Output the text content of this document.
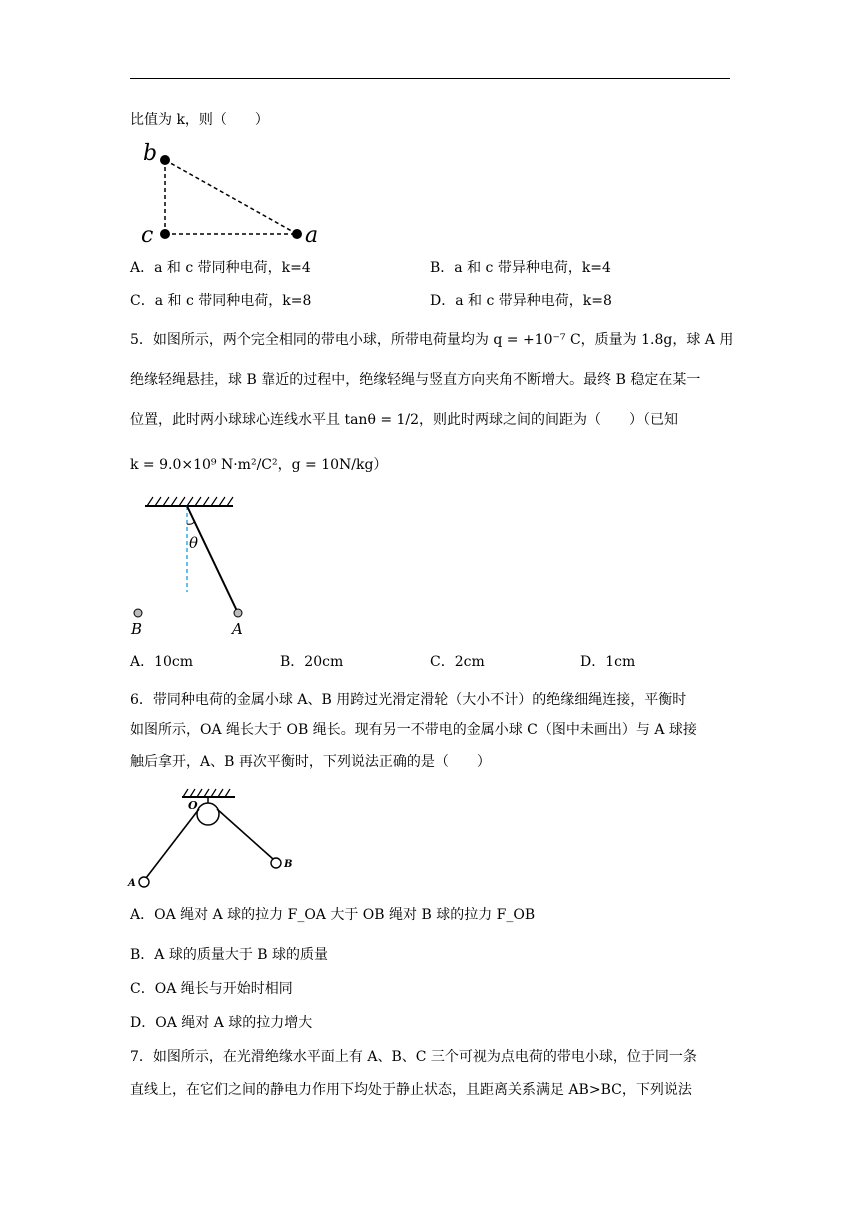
比值为 k，则（　　）
b
c	a
A．a 和 c 带同种电荷，k=4	B．a 和 c 带异种电荷，k=4
C．a 和 c 带同种电荷，k=8	D．a 和 c 带异种电荷，k=8
5．如图所示，两个完全相同的带电小球，所带电荷量均为 q = +10⁻⁷ C，质量为 1.8g，球 A 用
绝缘轻绳悬挂，球 B 靠近的过程中，绝缘轻绳与竖直方向夹角不断增大。最终 B 稳定在某一
位置，此时两小球球心连线水平且 tanθ = 1/2，则此时两球之间的间距为（　　）（已知
k = 9.0×10⁹ N·m²/C²，g = 10N/kg）
θ
B	A
A．10cm	B．20cm	C．2cm	D．1cm
6．带同种电荷的金属小球 A、B 用跨过光滑定滑轮（大小不计）的绝缘细绳连接，平衡时
如图所示，OA 绳长大于 OB 绳长。现有另一不带电的金属小球 C（图中未画出）与 A 球接
触后拿开，A、B 再次平衡时，下列说法正确的是（　　）
O
A
B
A．OA 绳对 A 球的拉力 F_OA 大于 OB 绳对 B 球的拉力 F_OB
B．A 球的质量大于 B 球的质量
C．OA 绳长与开始时相同
D．OA 绳对 A 球的拉力增大
7．如图所示，在光滑绝缘水平面上有 A、B、C 三个可视为点电荷的带电小球，位于同一条
直线上，在它们之间的静电力作用下均处于静止状态，且距离关系满足 AB>BC，下列说法
